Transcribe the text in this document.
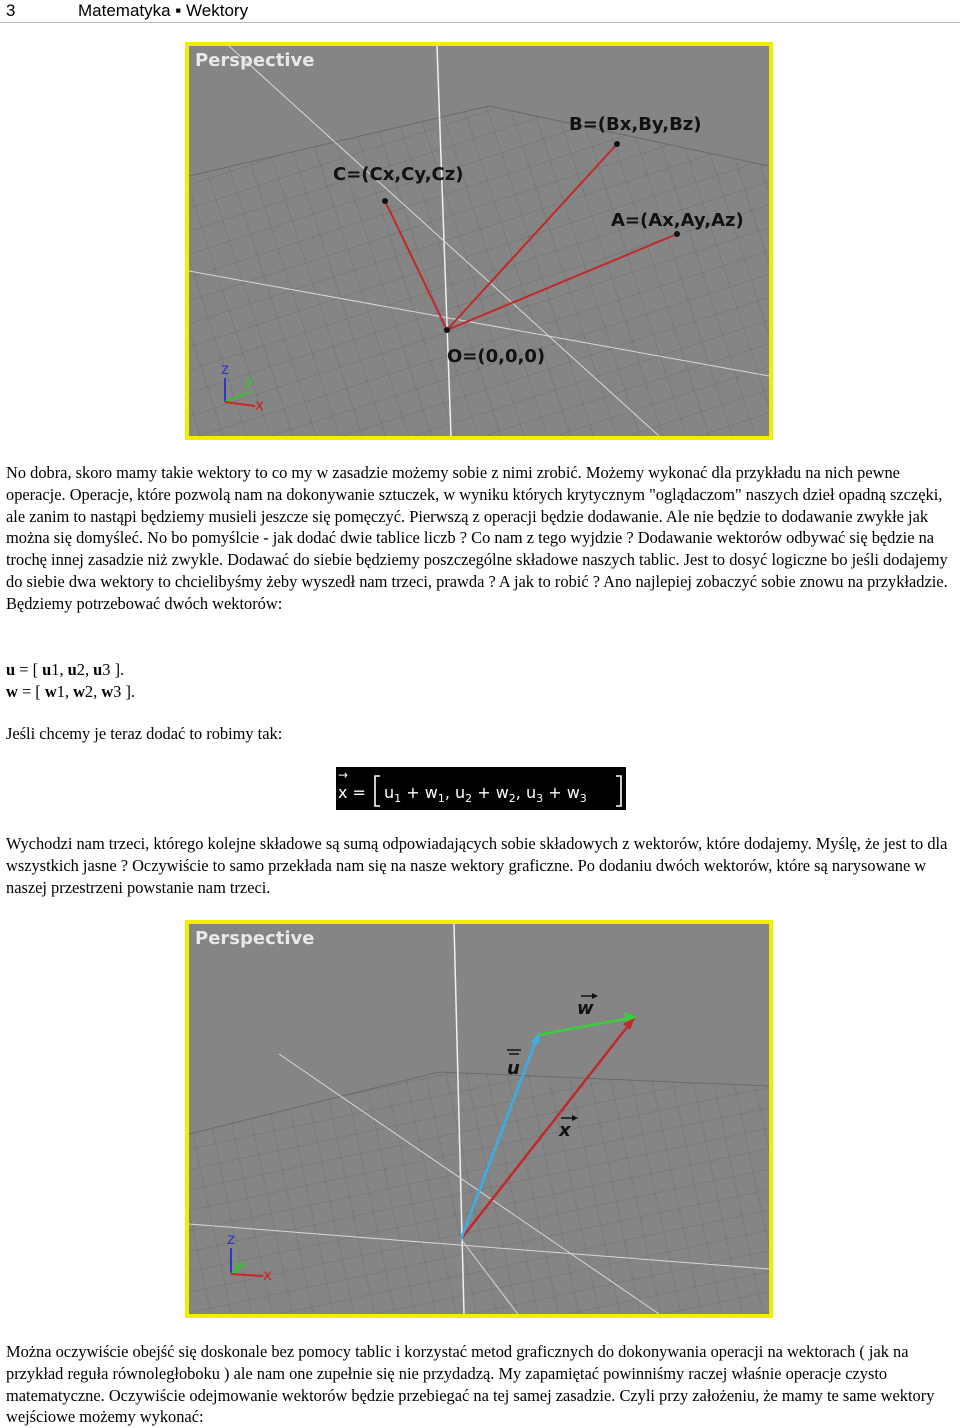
3	Matematyka ▪ Wektory
Perspective
B=(Bx,By,Bz)
C=(Cx,Cy,Cz)
A=(Ax,Ay,Az)
O=(0,0,0)
z
y
x

No dobra, skoro mamy takie wektory to co my w zasadzie możemy sobie z nimi zrobić. Możemy wykonać dla przykładu na nich pewne operacje. Operacje, które pozwolą nam na dokonywanie sztuczek, w wyniku których krytycznym "oglądaczom" naszych dzieł opadną szczęki, ale zanim to nastąpi będziemy musieli jeszcze się pomęczyć. Pierwszą z operacji będzie dodawanie. Ale nie będzie to dodawanie zwykłe jak można się domyśleć. No bo pomyślcie - jak dodać dwie tablice liczb ? Co nam z tego wyjdzie ? Dodawanie wektorów odbywać się będzie na trochę innej zasadzie niż zwykle. Dodawać do siebie będziemy poszczególne składowe naszych tablic. Jest to dosyć logiczne bo jeśli dodajemy do siebie dwa wektory to chcielibyśmy żeby wyszedł nam trzeci, prawda ? A jak to robić ? Ano najlepiej zobaczyć sobie znowu na przykładzie. Będziemy potrzebować dwóch wektorów:

u = [ u1, u2, u3 ].

w = [ w1, w2, w3 ].

Jeśli chcemy je teraz dodać to robimy tak:

→
$x = u_1 + w_1$, $u_2 + w_2$, $u_3 + w_3$

Wychodzi nam trzeci, którego kolejne składowe są sumą odpowiadających sobie składowych z wektorów, które dodajemy. Myślę, że jest to dla wszystkich jasne ? Oczywiście to samo przekłada nam się na nasze wektory graficzne. Po dodaniu dwóch wektorów, które są narysowane w naszej przestrzeni powstanie nam trzeci.

Perspective
w
u
x
z
y
x

Można oczywiście obejść się doskonale bez pomocy tablic i korzystać metod graficznych do dokonywania operacji na wektorach ( jak na przykład reguła równoległoboku ) ale nam one zupełnie się nie przydadzą. My zapamiętać powinniśmy raczej właśnie operacje czysto matematyczne. Oczywiście odejmowanie wektorów będzie przebiegać na tej samej zasadzie. Czyli przy założeniu, że mamy te same wektory wejściowe możemy wykonać:
